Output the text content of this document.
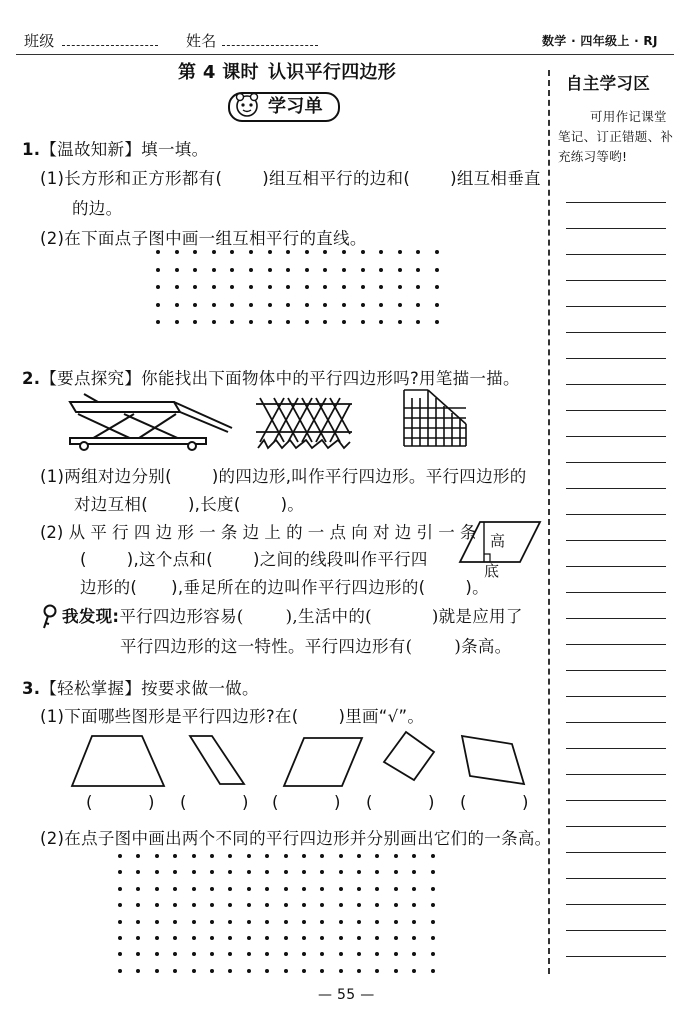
班级	姓名	数学 · 四年级上 · RJ
第 4 课时 认识平行四边形
学习单
自主学习区
可用作记课堂
笔记、订正错题、补
充练习等哟!
1.【温故知新】填一填。
(1)长方形和正方形都有( )组互相平行的边和( )组互相垂直
的边。
(2)在下面点子图中画一组互相平行的直线。
2.【要点探究】你能找出下面物体中的平行四边形吗?用笔描一描。
(1)两组对边分别( )的四边形,叫作平行四边形。平行四边形的
对边互相( ),长度( )。
(2) 从 平 行 四 边 形 一 条 边 上 的 一 点 向 对 边 引 一 条
( ),这个点和( )之间的线段叫作平行四
边形的( ),垂足所在的边叫作平行四边形的( )。
高
底
我发现:平行四边形容易(	),生活中的(	)就是应用了
平行四边形的这一特性。平行四边形有(	)条高。
3.【轻松掌握】按要求做一做。
(1)下面哪些图形是平行四边形?在( )里画“√”。
(	) (	) (	) (	) (	)
(2)在点子图中画出两个不同的平行四边形并分别画出它们的一条高。
— 55 —
